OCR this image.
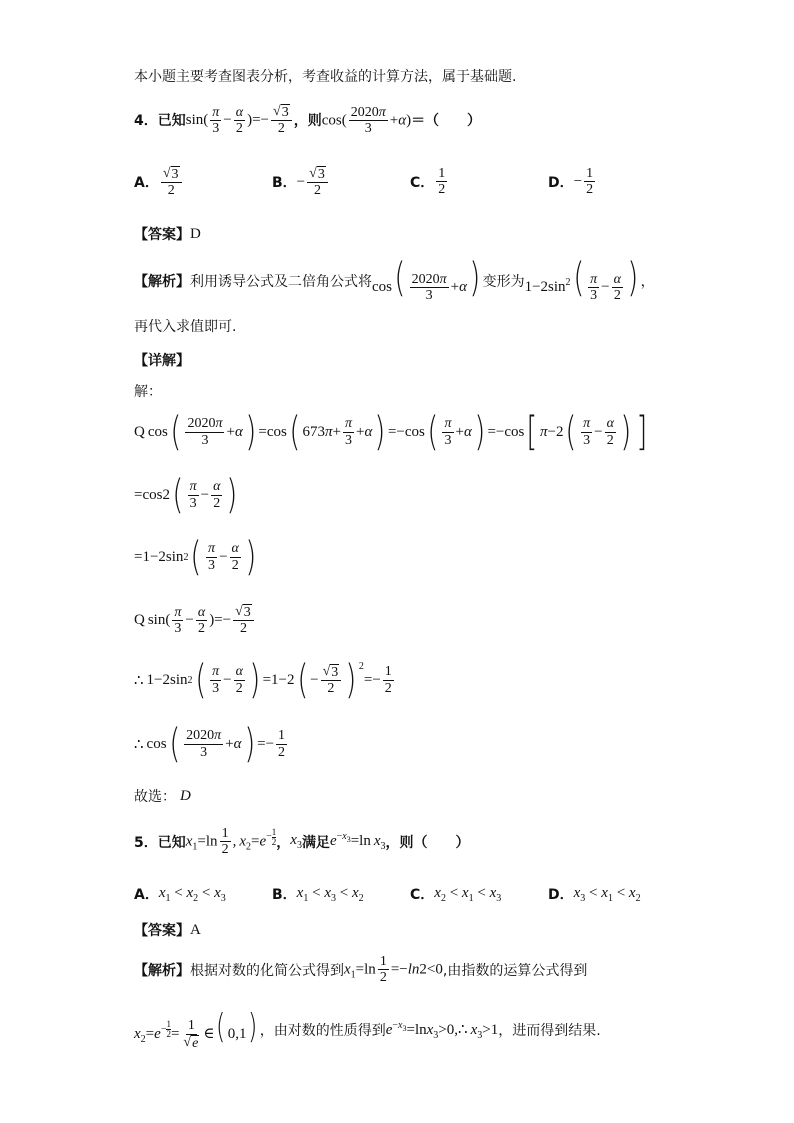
本小题主要考查图表分析，考查收益的计算方法，属于基础题.
4． 已知 $\sin( \frac{\pi}{3} - \frac{\alpha}{2}$ )=− $\frac{√ 3}{2}$ ，则 $\cos( \frac{2020\pi}{3} +\alpha)$ ＝（　　）
A． $\frac{√ 3}{2}$	B． − $\frac{√ 3}{2}$	C． $\frac{1}{2}$	D． − $\frac{1}{2}$
【答案】 D
【解析】 利用诱导公式及二倍角公式将 $\cos( \frac{2020\pi}{3} +\alpha)$ 变形为 $1-2\sin^2( \frac{\pi}{3} - \frac{\alpha}{2}$ ) ，
再代入求值即可.
【详解】
解：
Q cos ( $\frac{2020\pi}{3} + \alpha$ ) =cos ( 673 $\pi + \frac{\pi}{3} + \alpha$ ) =−cos ( $\frac{\pi}{3} + \alpha$ ) =−cos [ π −2 ( $\frac{\pi}{3} - \frac{\alpha}{2}$ ) ]
=cos2 ( $\frac{\pi}{3} - \frac{\alpha}{2}$ )
=1−2sin 2 ( $\frac{\pi}{3} - \frac{\alpha}{2}$ )
Q $\sin( \frac{\pi}{3} - \frac{\alpha}{2}$ )=− $\frac{√ 3}{2}$
∴ 1−2sin 2 ( $\frac{\pi}{3} - \frac{\alpha}{2}$ ) =1−2 ( − $\frac{√ 3}{2} )^2$
=− $\frac{1}{2}$
∴ cos ( $\frac{2020\pi}{3} + \alpha$ ) =− $\frac{1}{2}$
故选： D
5． 已知 $x_1=\ln \frac{1}{2}$ , $x_2=e^{- \frac{1}{2}}$ ， $x_3$ 满足 $e^{-x_3}=\ln$ $x_3$ ，则（　　）
A． $x_1 < x_2 < x_3$	B． $x_1 < x_3 < x_2$	C． $x_2 < x_1 < x_3$	D． $x_3 < x_1 < x_2$
【答案】 A
【解析】 根据对数的化简公式得到 $x_1=\ln \frac{1}{2} =-\ln 2<0$ ,由指数的运算公式得到
$x_2=e^{- \frac{1}{2}} = \frac{1}{√ e}$ ∈( 0,1) ，由对数的性质得到 $e^{-x_3}=\ln x_3>0,\therefore$ $x_3>1$ ，进而得到结果.
